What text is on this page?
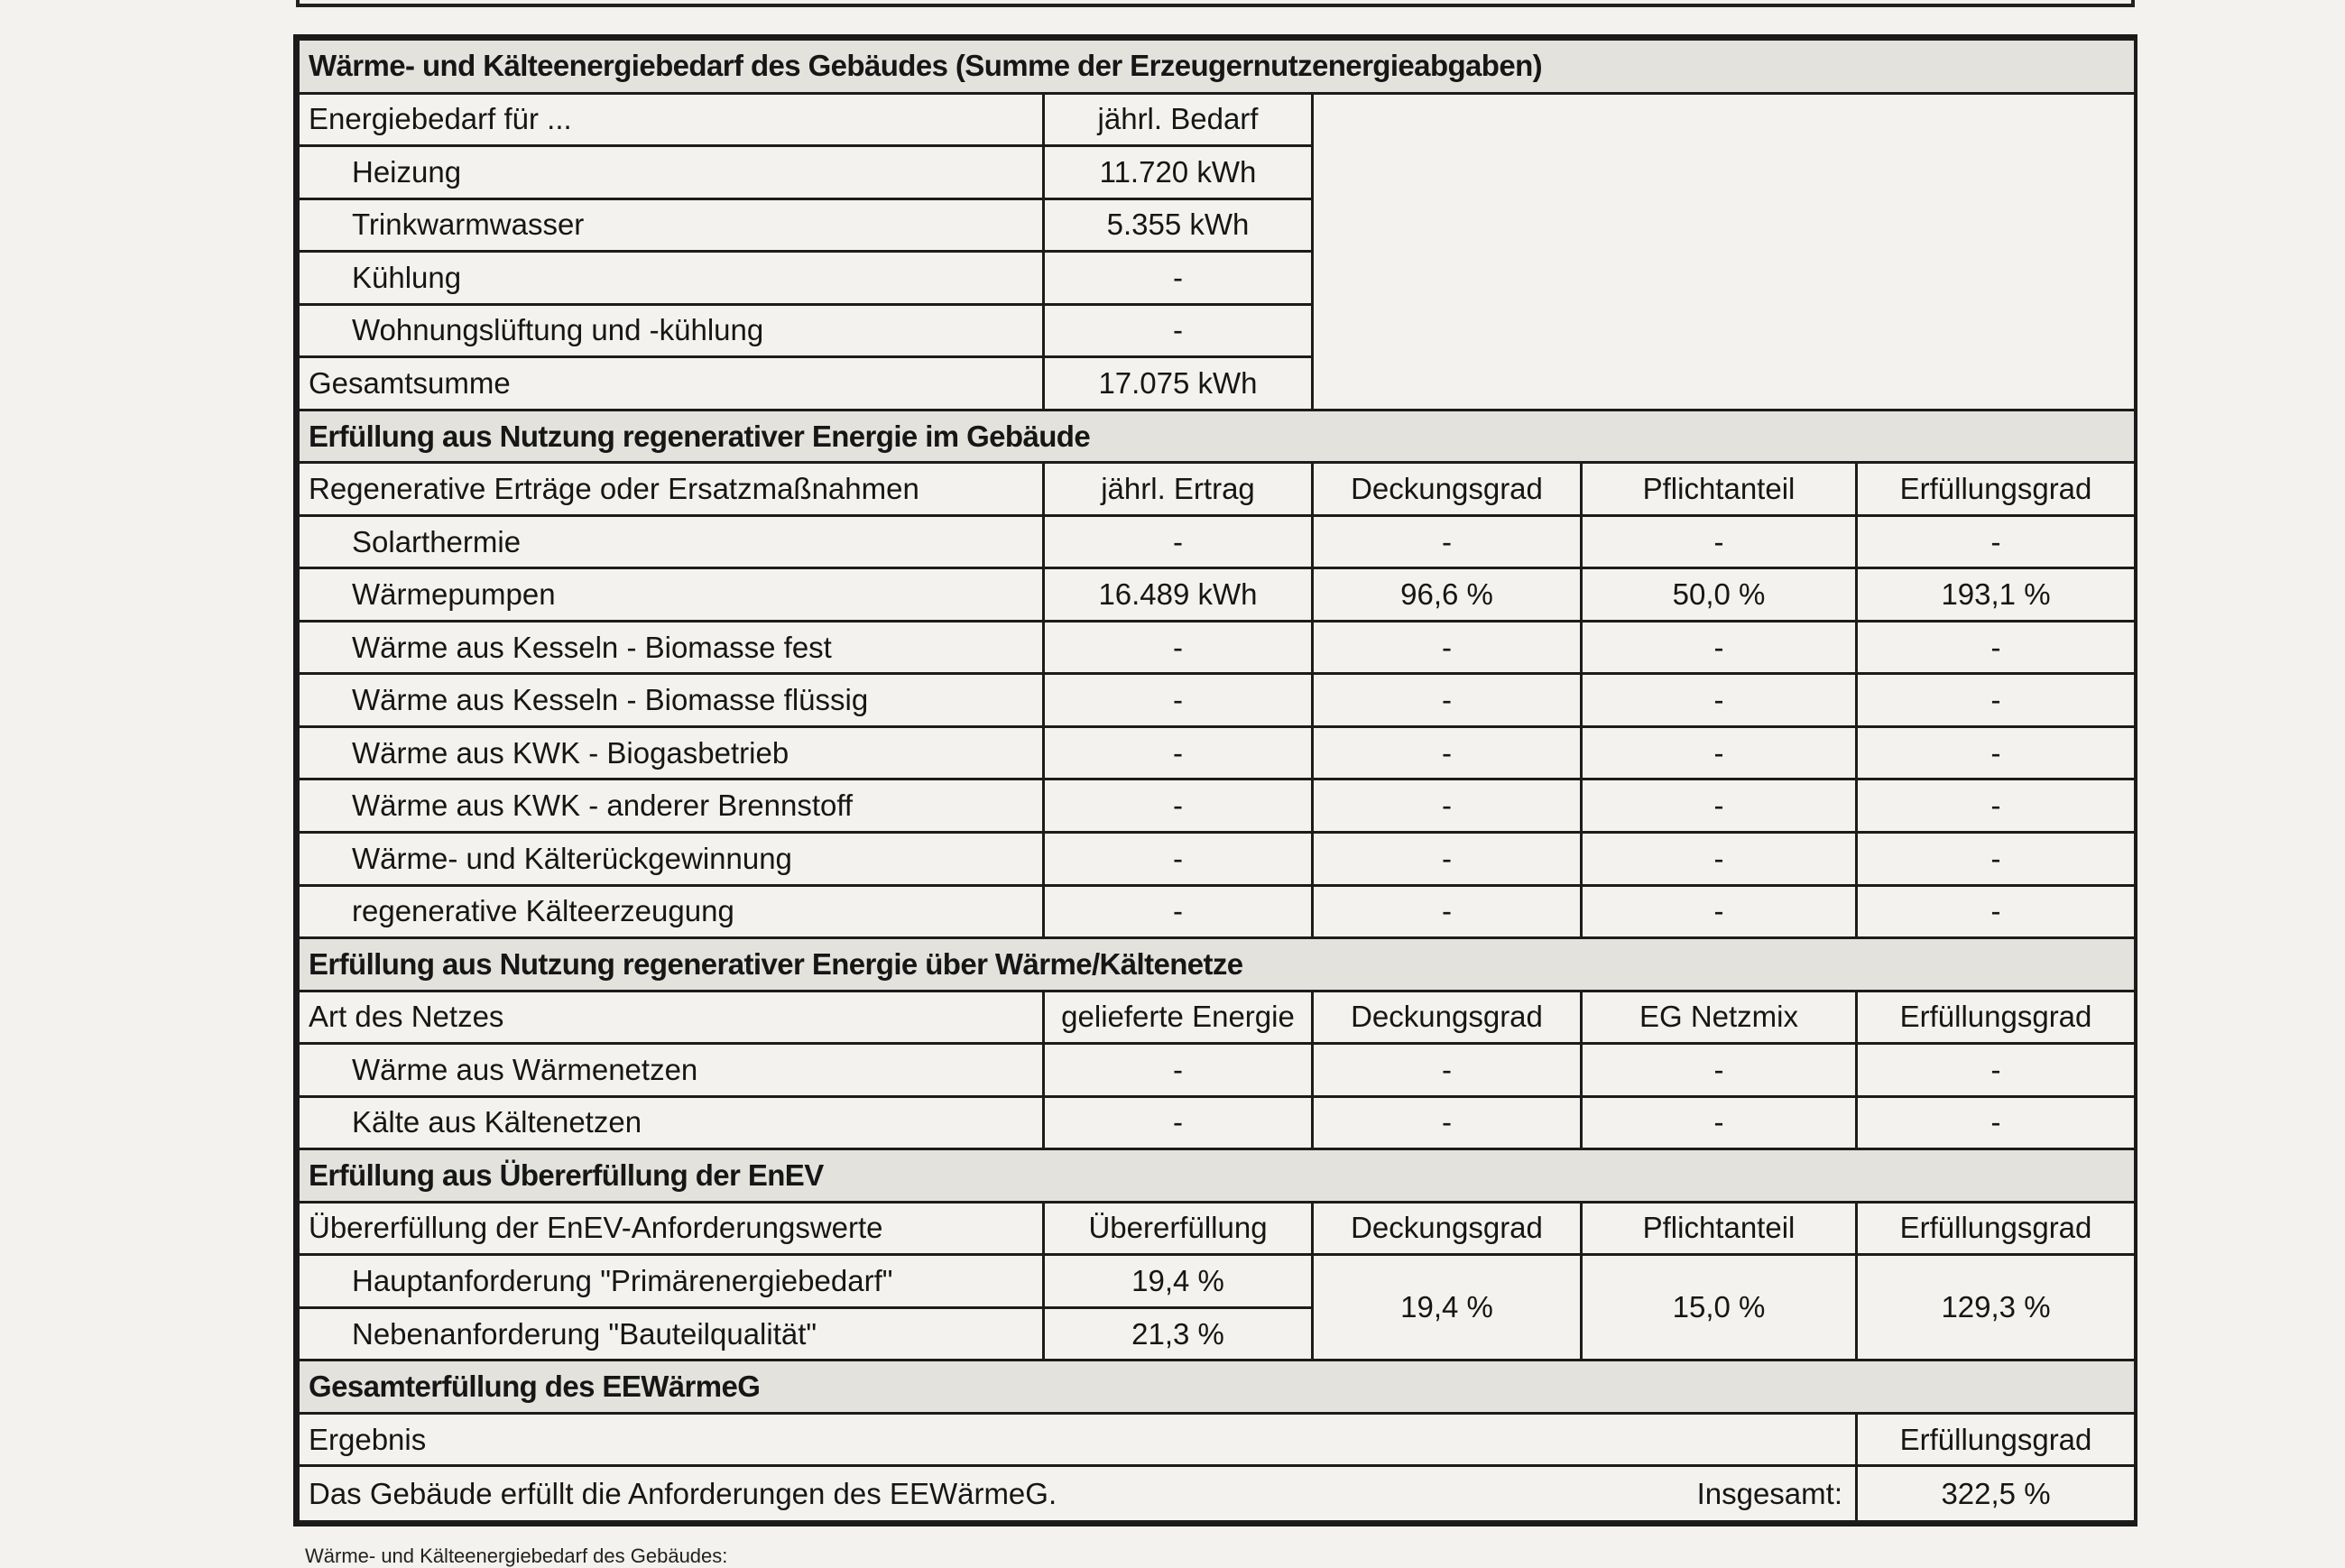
Wärme- und Kälteenergiebedarf des Gebäudes (Summe der Erzeugernutzenergieabgaben)				
Energiebedarf für ...	jährl. Bedarf			
Heizung	11.720 kWh			
Trinkwarmwasser	5.355 kWh			
Kühlung	-			
Wohnungslüftung und -kühlung	-			
Gesamtsumme	17.075 kWh			
Erfüllung aus Nutzung regenerativer Energie im Gebäude				
Regenerative Erträge oder Ersatzmaßnahmen	jährl. Ertrag	Deckungsgrad	Pflichtanteil	Erfüllungsgrad
Solarthermie	-	-	-	-
Wärmepumpen	16.489 kWh	96,6 %	50,0 %	193,1 %
Wärme aus Kesseln - Biomasse fest	-	-	-	-
Wärme aus Kesseln - Biomasse flüssig	-	-	-	-
Wärme aus KWK - Biogasbetrieb	-	-	-	-
Wärme aus KWK - anderer Brennstoff	-	-	-	-
Wärme- und Kälterückgewinnung	-	-	-	-
regenerative Kälteerzeugung	-	-	-	-
Erfüllung aus Nutzung regenerativer Energie über Wärme/Kältenetze				
Art des Netzes	gelieferte Energie	Deckungsgrad	EG Netzmix	Erfüllungsgrad
Wärme aus Wärmenetzen	-	-	-	-
Kälte aus Kältenetzen	-	-	-	-
Erfüllung aus Übererfüllung der EnEV				
Übererfüllung der EnEV-Anforderungswerte	Übererfüllung	Deckungsgrad	Pflichtanteil	Erfüllungsgrad
Hauptanforderung "Primärenergiebedarf"	19,4 %	19,4 %	15,0 %	129,3 %
Nebenanforderung "Bauteilqualität"	21,3 %			
Gesamterfüllung des EEWärmeG				
Ergebnis				Erfüllungsgrad
Das Gebäude erfüllt die Anforderungen des EEWärmeG.			Insgesamt:	322,5 %
Wärme- und Kälteenergiebedarf des Gebäudes:
